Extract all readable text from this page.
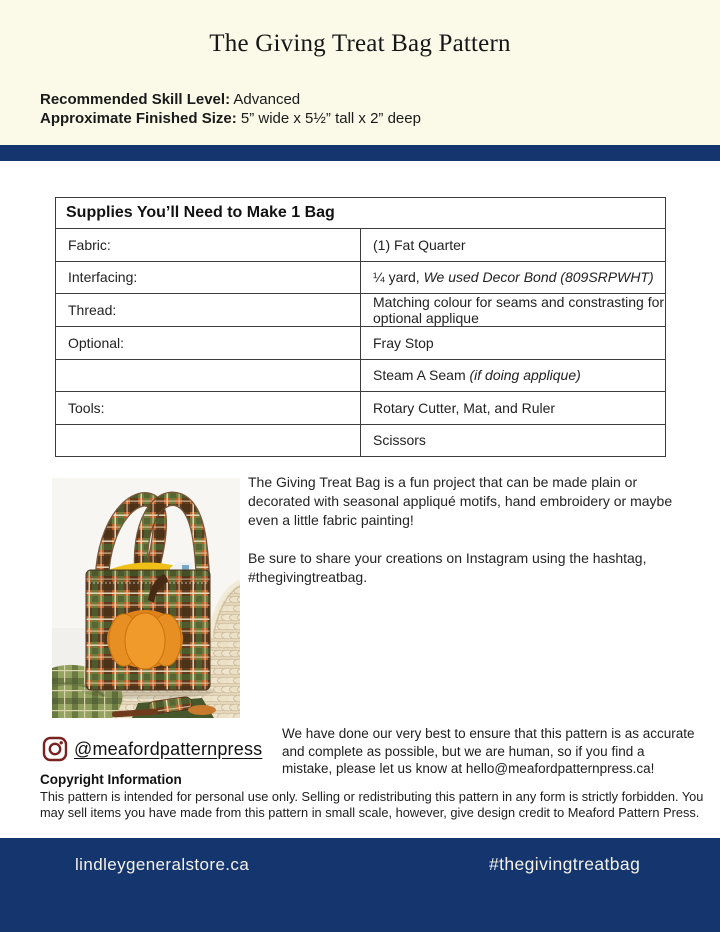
The Giving Treat Bag Pattern
Recommended Skill Level: Advanced
Approximate Finished Size: 5” wide x 5½” tall x 2” deep
Supplies You’ll Need to Make 1 Bag	
Fabric:	(1) Fat Quarter
Interfacing:	¼ yard, We used Decor Bond (809SRPWHT)
Thread:	Matching colour for seams and constrasting for optional applique
Optional:	Fray Stop
	Steam A Seam (if doing applique)
Tools:	Rotary Cutter, Mat, and Ruler
	Scissors

The Giving Treat Bag is a fun project that can be made plain or decorated with seasonal appliqué motifs, hand embroidery or maybe even a little fabric painting!

Be sure to share your creations on Instagram using the hashtag, #thegivingtreatbag.

@meafordpatternpress
We have done our very best to ensure that this pattern is as accurate and complete as possible, but we are human, so if you find a mistake, please let us know at hello@meafordpatternpress.ca!
Copyright Information
This pattern is intended for personal use only. Selling or redistributing this pattern in any form is strictly forbidden. You may sell items you have made from this pattern in small scale, however, give design credit to Meaford Pattern Press.
lindleygeneralstore.ca	#thegivingtreatbag
